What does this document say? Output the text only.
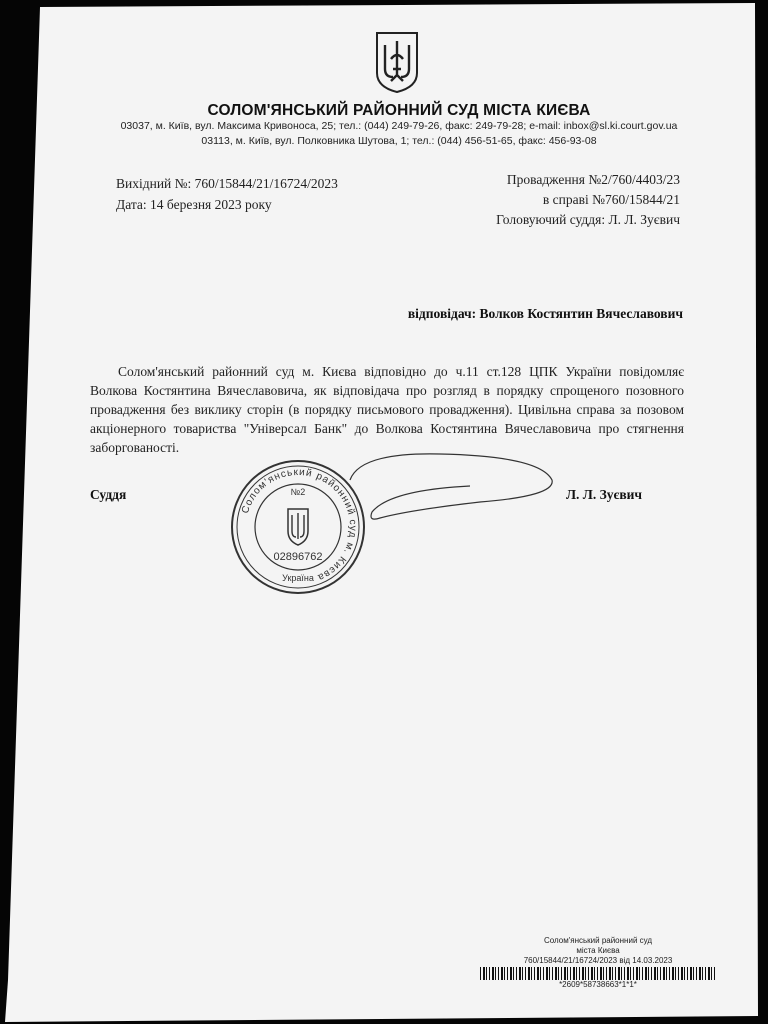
СОЛОМ'ЯНСЬКИЙ РАЙОННИЙ СУД МІСТА КИЄВА
03037, м. Київ, вул. Максима Кривоноса, 25; тел.: (044) 249-79-26, факс: 249-79-28; e-mail: inbox@sl.ki.court.gov.ua
03113, м. Київ, вул. Полковника Шутова, 1; тел.: (044) 456-51-65, факс: 456-93-08
Вихідний №: 760/15844/21/16724/2023
Дата: 14 березня 2023 року
Провадження №2/760/4403/23
в справі №760/15844/21
Головуючий суддя: Л. Л. Зуєвич
відповідач: Волков Костянтин Вячеславович
Солом'янський районний суд м. Києва відповідно до ч.11 ст.128 ЦПК України повідомляє Волкова Костянтина Вячеславовича, як відповідача про розгляд в порядку спрощеного позовного провадження без виклику сторін (в порядку письмового провадження). Цивільна справа за позовом акціонерного товариства "Універсал Банк" до Волкова Костянтина Вячеславовича про стягнення заборгованості.
Суддя	Л. Л. Зуєвич
Солом'янський районний суд м. Києва
№2
02896762
Україна
Солом'янський районний суд
міста Києва
760/15844/21/16724/2023 від 14.03.2023
*2609*58738663*1*1*
